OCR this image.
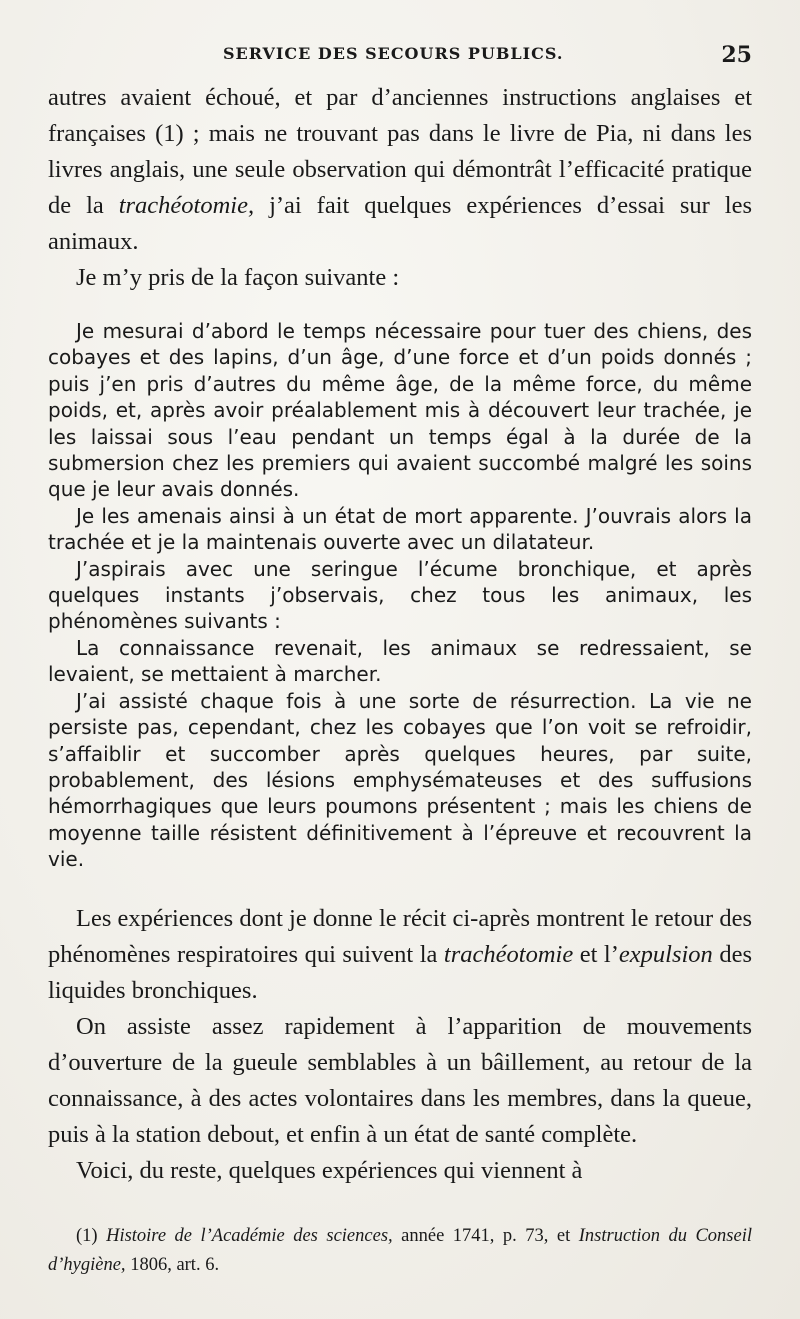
SERVICE DES SECOURS PUBLICS.	25

autres avaient échoué, et par d’anciennes instructions anglaises et françaises (1) ; mais ne trouvant pas dans le livre de Pia, ni dans les livres anglais, une seule observation qui démontrât l’efficacité pratique de la trachéotomie, j’ai fait quelques expériences d’essai sur les animaux.

Je m’y pris de la façon suivante :

Je mesurai d’abord le temps nécessaire pour tuer des chiens, des cobayes et des lapins, d’un âge, d’une force et d’un poids donnés ; puis j’en pris d’autres du même âge, de la même force, du même poids, et, après avoir préalablement mis à découvert leur trachée, je les laissai sous l’eau pendant un temps égal à la durée de la submersion chez les premiers qui avaient succombé malgré les soins que je leur avais donnés.

Je les amenais ainsi à un état de mort apparente. J’ouvrais alors la trachée et je la maintenais ouverte avec un dilatateur.

J’aspirais avec une seringue l’écume bronchique, et après quelques instants j’observais, chez tous les animaux, les phénomènes suivants :

La connaissance revenait, les animaux se redressaient, se levaient, se mettaient à marcher.

J’ai assisté chaque fois à une sorte de résurrection. La vie ne persiste pas, cependant, chez les cobayes que l’on voit se refroidir, s’affaiblir et succomber après quelques heures, par suite, probablement, des lésions emphysémateuses et des suffusions hémorrhagiques que leurs poumons présentent ; mais les chiens de moyenne taille résistent définitivement à l’épreuve et recouvrent la vie.

Les expériences dont je donne le récit ci-après montrent le retour des phénomènes respiratoires qui suivent la trachéotomie et l’expulsion des liquides bronchiques.

On assiste assez rapidement à l’apparition de mouvements d’ouverture de la gueule semblables à un bâillement, au retour de la connaissance, à des actes volontaires dans les membres, dans la queue, puis à la station debout, et enfin à un état de santé complète.

Voici, du reste, quelques expériences qui viennent à

(1) Histoire de l’Académie des sciences, année 1741, p. 73, et Instruction du Conseil d’hygiène, 1806, art. 6.
